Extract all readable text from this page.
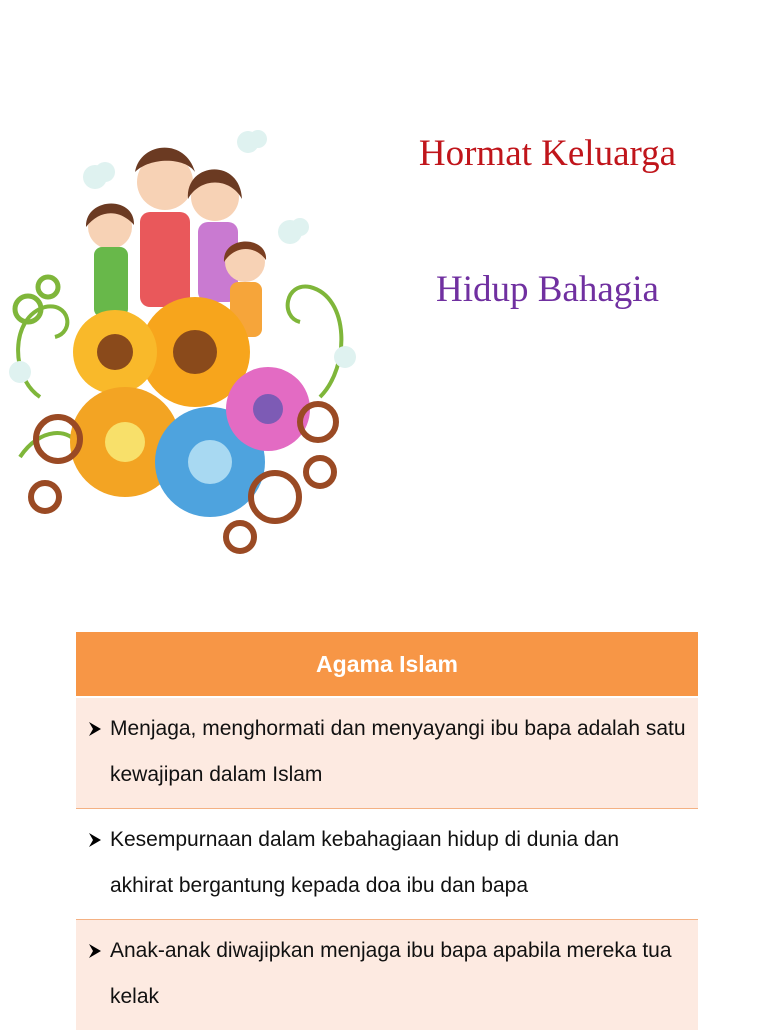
Hormat Keluarga
Hidup Bahagia
Agama Islam

Menjaga, menghormati dan menyayangi ibu bapa adalah satu kewajipan dalam Islam

Kesempurnaan dalam kebahagiaan hidup di dunia dan akhirat bergantung kepada doa ibu dan bapa

Anak-anak diwajipkan menjaga ibu bapa apabila mereka tua kelak
